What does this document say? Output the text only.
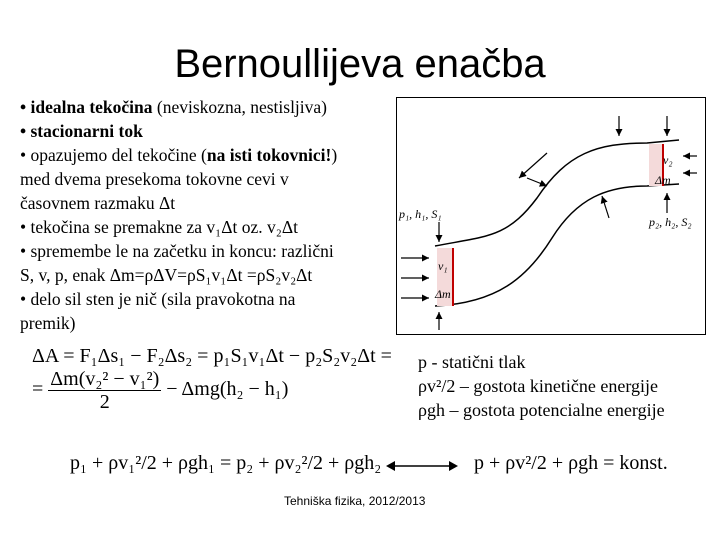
Bernoullijeva enačba
• idealna tekočina (neviskozna, nestisljiva)
• stacionarni tok
• opazujemo del tekočine (na isti tokovnici!)
med dvema presekoma tokovne cevi v
časovnem razmaku Δt
• tekočina se premakne za v₁Δt oz. v₂Δt
• spremembe le na začetku in koncu: različni
S, v, p, enak Δm=ρΔV=ρS₁v₁Δt =ρS₂v₂Δt
• delo sil sten je nič (sila pravokotna na
premik)
p₁, h₁, S₁
p₂, h₂, S₂
v₁
Δm
v₂
Δm
ΔA = F₁Δs₁ − F₂Δs₂ = p₁S₁v₁Δt − p₂S₂v₂Δt =
= $\frac{\text{Δm(v₂² − v₁²)}}{2} - \Delta mg(h_2 - h_1)$
p - statični tlak
ρv²/2 – gostota kinetične energije
ρgh – gostota potencialne energije
p₁ + ρv₁²/2 + ρgh₁ = p₂ + ρv₂²/2 + ρgh₂	p + ρv²/2 + ρgh = konst.
Tehniška fizika, 2012/2013
